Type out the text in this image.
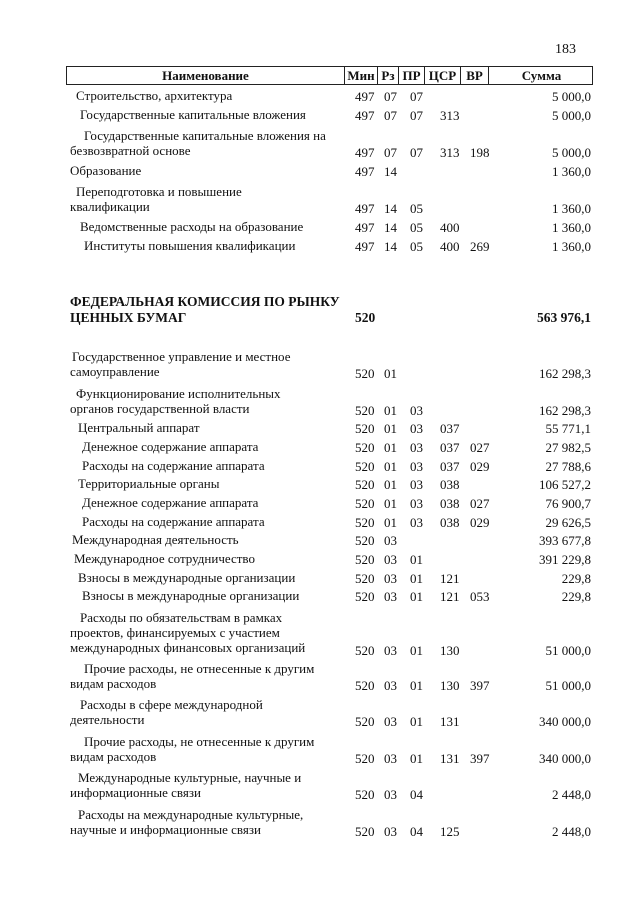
183
Наименование	Мин Рз ПР ЦСР ВР	Сумма
Строительство, архитектура	497 07 07	5 000,0
Государственные капитальные вложения	497 07 07 313	5 000,0
Государственные капитальные вложения на безвозвратной основе	497 07 07 313 198	5 000,0
Образование	497 14	1 360,0
Переподготовка и повышение квалификации	497 14 05	1 360,0
Ведомственные расходы на образование	497 14 05 400	1 360,0
Институты повышения квалификации	497 14 05 400 269	1 360,0
ФЕДЕРАЛЬНАЯ КОМИССИЯ ПО РЫНКУ ЦЕННЫХ БУМАГ	520	563 976,1
Государственное управление и местное самоуправление	520 01	162 298,3
Функционирование исполнительных органов государственной власти	520 01 03	162 298,3
Центральный аппарат	520 01 03 037	55 771,1
Денежное содержание аппарата	520 01 03 037 027	27 982,5
Расходы на содержание аппарата	520 01 03 037 029	27 788,6
Территориальные органы	520 01 03 038	106 527,2
Денежное содержание аппарата	520 01 03 038 027	76 900,7
Расходы на содержание аппарата	520 01 03 038 029	29 626,5
Международная деятельность	520 03	393 677,8
Международное сотрудничество	520 03 01	391 229,8
Взносы в международные организации	520 03 01 121	229,8
Взносы в международные организации	520 03 01 121 053	229,8
Расходы по обязательствам в рамках проектов, финансируемых с участием международных финансовых организаций	520 03 01 130	51 000,0
Прочие расходы, не отнесенные к другим видам расходов	520 03 01 130 397	51 000,0
Расходы в сфере международной деятельности	520 03 01 131	340 000,0
Прочие расходы, не отнесенные к другим видам расходов	520 03 01 131 397	340 000,0
Международные культурные, научные и информационные связи	520 03 04	2 448,0
Расходы на международные культурные, научные и информационные связи	520 03 04 125	2 448,0
